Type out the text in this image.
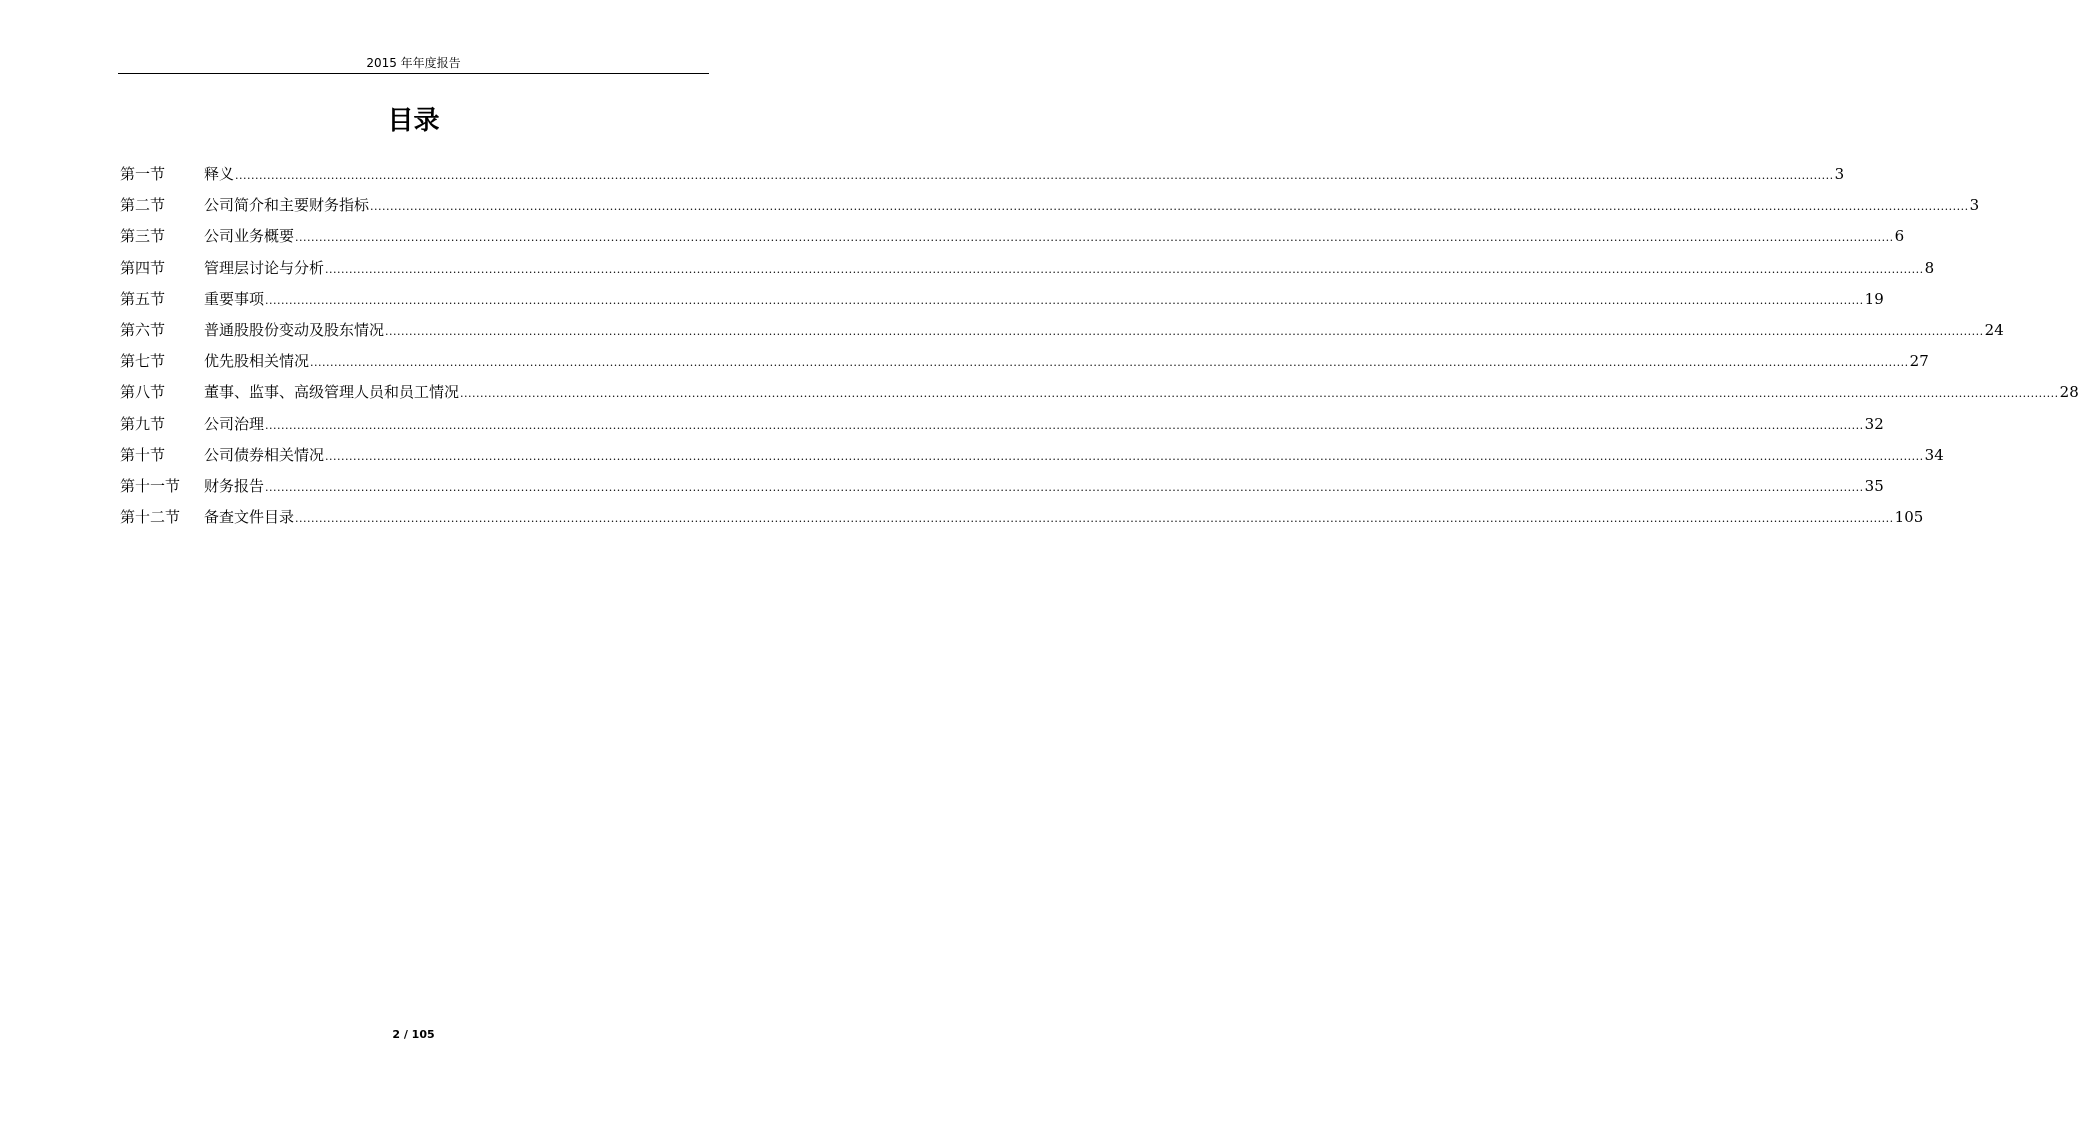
2015 年年度报告
目录
第一节	释义 ................................................................................................................................................................................................................................................................................................................................................................................................................ 3
第二节	公司简介和主要财务指标 ................................................................................................................................................................................................................................................................................................................................................................................................................ 3
第三节	公司业务概要 ................................................................................................................................................................................................................................................................................................................................................................................................................ 6
第四节	管理层讨论与分析 ................................................................................................................................................................................................................................................................................................................................................................................................................ 8
第五节	重要事项 ................................................................................................................................................................................................................................................................................................................................................................................................................ 19
第六节	普通股股份变动及股东情况 ................................................................................................................................................................................................................................................................................................................................................................................................................ 24
第七节	优先股相关情况 ................................................................................................................................................................................................................................................................................................................................................................................................................ 27
第八节	董事、监事、高级管理人员和员工情况 ................................................................................................................................................................................................................................................................................................................................................................................................................ 28
第九节	公司治理 ................................................................................................................................................................................................................................................................................................................................................................................................................ 32
第十节	公司债券相关情况 ................................................................................................................................................................................................................................................................................................................................................................................................................ 34
第十一节	财务报告 ................................................................................................................................................................................................................................................................................................................................................................................................................ 35
第十二节	备查文件目录 ................................................................................................................................................................................................................................................................................................................................................................................................................ 105
2 / 105
